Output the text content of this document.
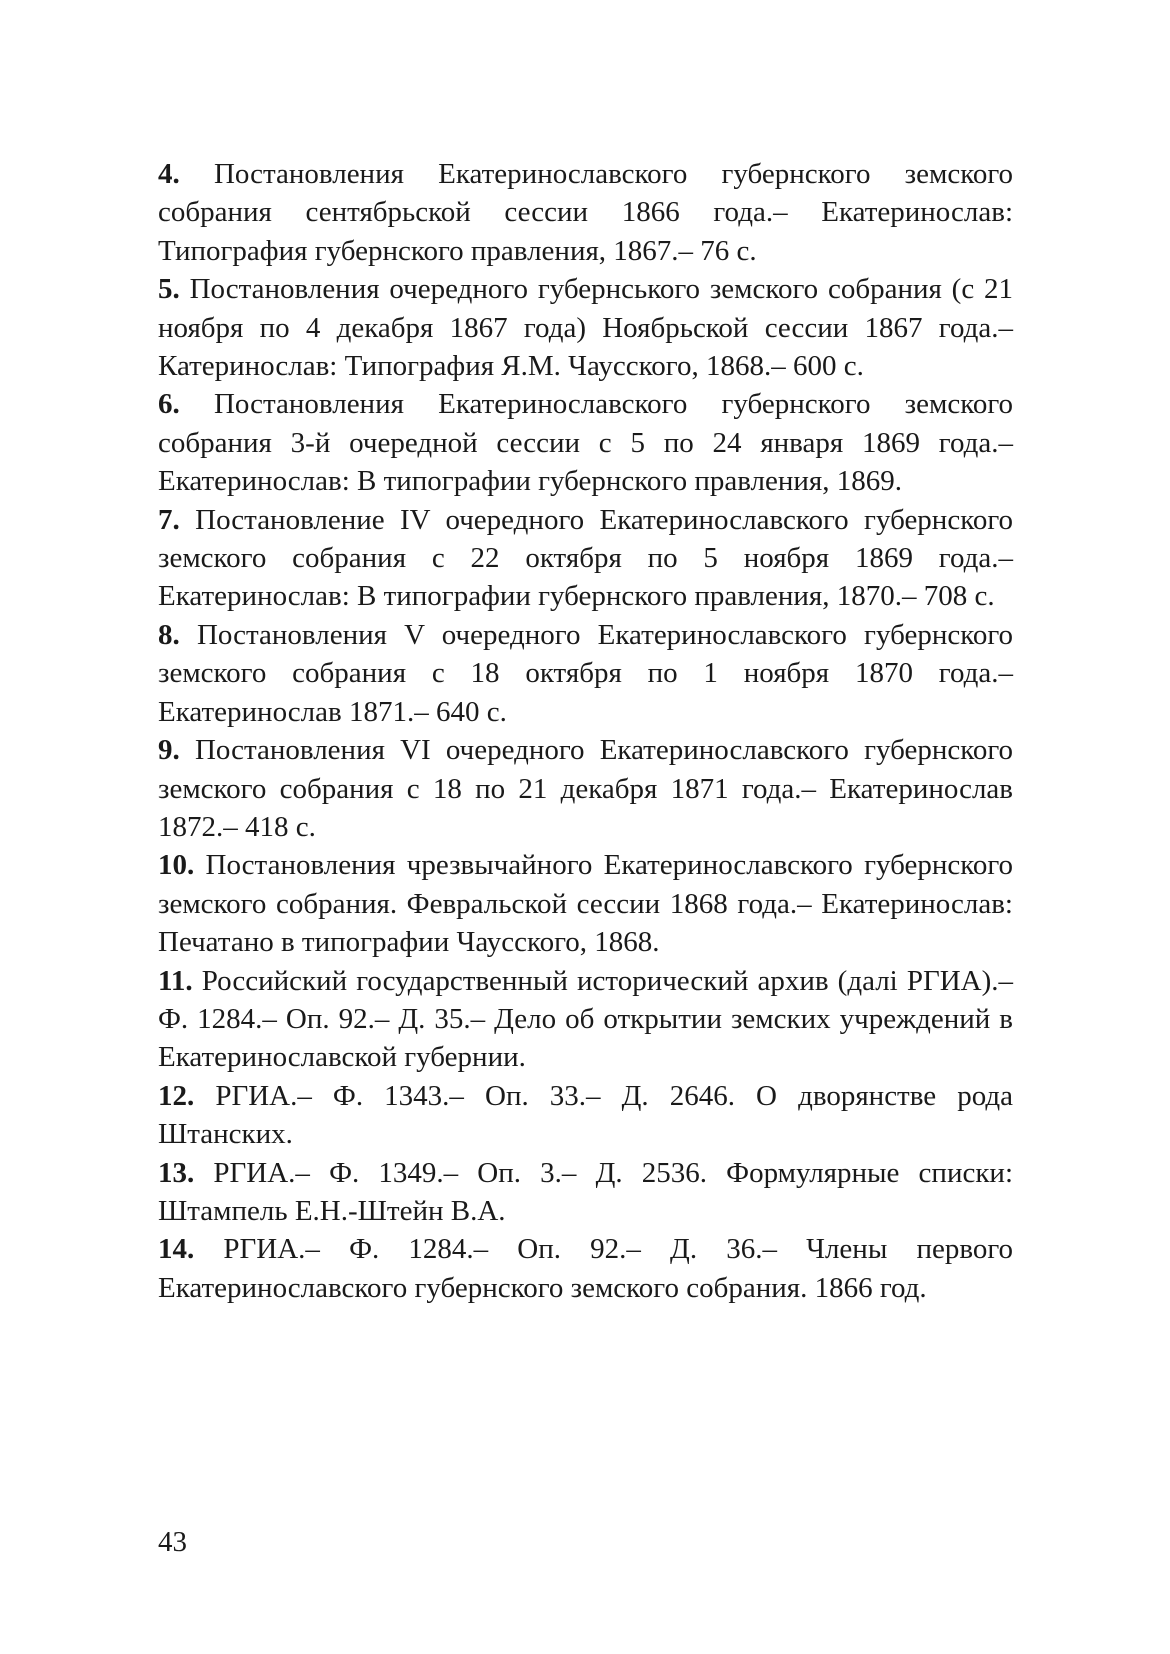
4. Постановления Екатеринославского губернского земского собрания сентябрьской сессии 1866 года.– Екатеринослав: Типография губернского правления, 1867.– 76 с.

5. Постановления очередного губернського земского собрания (с 21 ноября по 4 декабря 1867 года) Ноябрьской сессии 1867 года.– Катеринослав: Типография Я.М. Чаусского, 1868.– 600 с.

6. Постановления Екатеринославского губернского земского собрания 3-й очередной сессии с 5 по 24 января 1869 года.– Екатеринослав: В типографии губернского правления, 1869.

7. Постановление IV очередного Екатеринославского губернского земского собрания с 22 октября по 5 ноября 1869 года.– Екатеринослав: В типографии губернского правления, 1870.– 708 с.

8. Постановления V очередного Екатеринославского губернского земского собрания с 18 октября по 1 ноября 1870 года.– Екатеринослав 1871.– 640 с.

9. Постановления VI очередного Екатеринославского губернского земского собрания с 18 по 21 декабря 1871 года.– Екатеринослав 1872.– 418 с.

10. Постановления чрезвычайного Екатеринославского губернского земского собрания. Февральской сессии 1868 года.– Екатеринослав: Печатано в типографии Чаусского, 1868.

11. Российский государственный исторический архив (далі РГИА).– Ф. 1284.– Оп. 92.– Д. 35.– Дело об открытии земских учреждений в Екатеринославской губернии.

12. РГИА.– Ф. 1343.– Оп. 33.– Д. 2646. О дворянстве рода Штанских.

13. РГИА.– Ф. 1349.– Оп. 3.– Д. 2536. Формулярные списки: Штампель Е.Н.-Штейн В.А.

14. РГИА.– Ф. 1284.– Оп. 92.– Д. 36.– Члены первого Екатеринославского губернского земского собрания. 1866 год.

43
